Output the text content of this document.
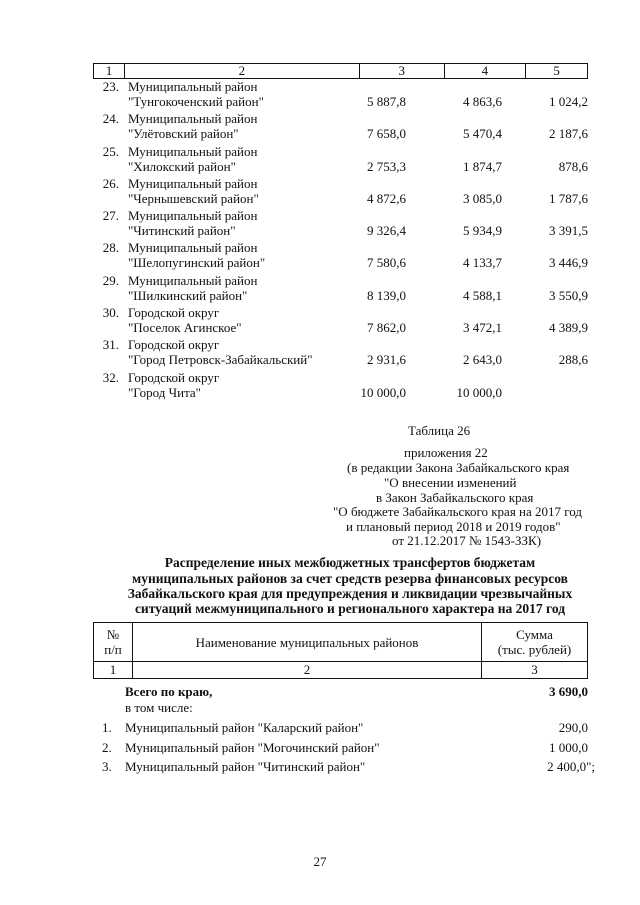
1	2	3	4	5
23. Муниципальный район
"Тунгокоченский район"	5 887,8	4 863,6	1 024,2
24. Муниципальный район
"Улётовский район"	7 658,0	5 470,4	2 187,6
25. Муниципальный район
"Хилокский район"	2 753,3	1 874,7	878,6
26. Муниципальный район
"Чернышевский район"	4 872,6	3 085,0	1 787,6
27. Муниципальный район
"Читинский район"	9 326,4	5 934,9	3 391,5
28. Муниципальный район
"Шелопугинский район"	7 580,6	4 133,7	3 446,9
29. Муниципальный район
"Шилкинский район"	8 139,0	4 588,1	3 550,9
30. Городской округ
"Поселок Агинское"	7 862,0	3 472,1	4 389,9
31. Городской округ
"Город Петровск-Забайкальский"	2 931,6	2 643,0	288,6
32. Городской округ
"Город Чита"	10 000,0	10 000,0
Таблица 26
приложения 22
(в редакции Закона Забайкальского края
"О внесении изменений
в Закон Забайкальского края
"О бюджете Забайкальского края на 2017 год
и плановый период 2018 и 2019 годов"
от 21.12.2017 № 1543-ЗЗК)
Распределение иных межбюджетных трансфертов бюджетам
муниципальных районов за счет средств резерва финансовых ресурсов
Забайкальского края для предупреждения и ликвидации чрезвычайных
ситуаций межмуниципального и регионального характера на 2017 год
№
п/п	Наименование муниципальных районов	Сумма
(тыс. рублей)
1	2	3
Всего по краю,	3 690,0
в том числе:
1. Муниципальный район "Каларский район"	290,0
2. Муниципальный район "Могочинский район"	1 000,0
3. Муниципальный район "Читинский район"	2 400,0";
27
